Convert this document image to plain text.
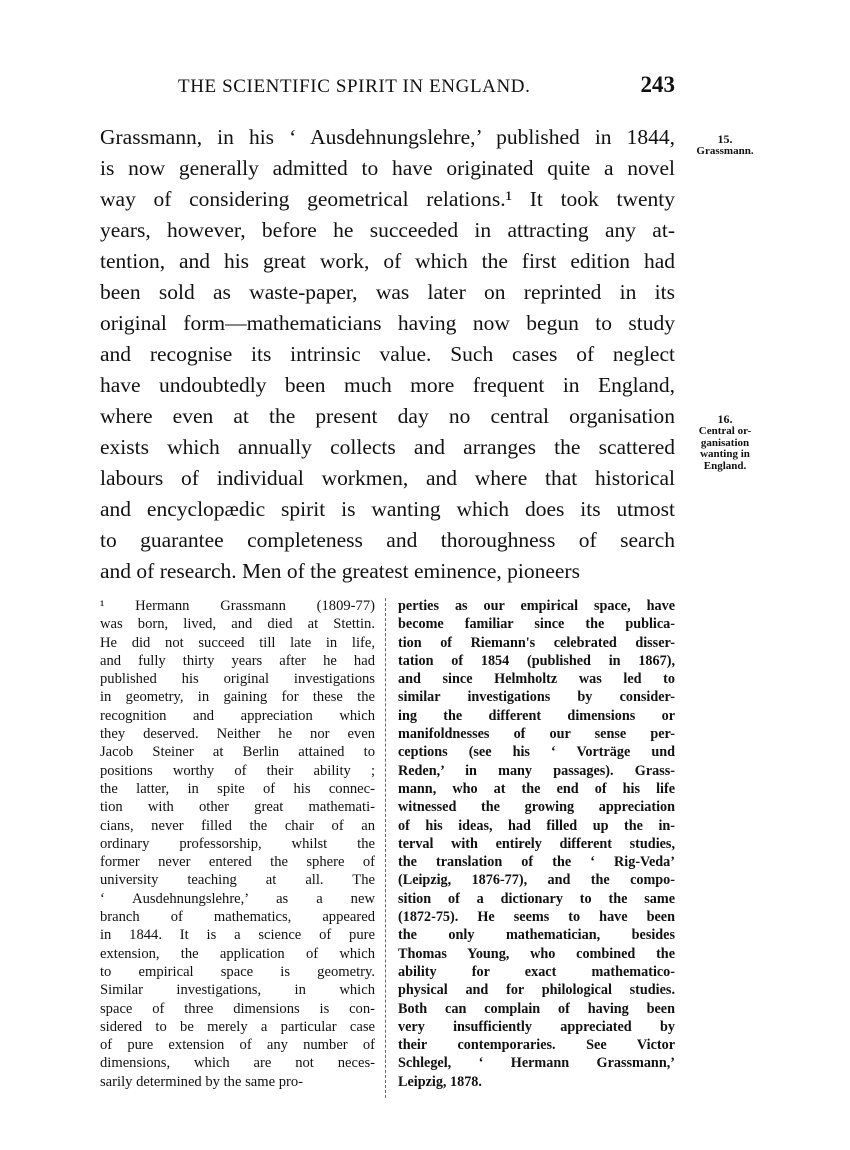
THE SCIENTIFIC SPIRIT IN ENGLAND.	243
Grassmann, in his ‘ Ausdehnungslehre,’ published in 1844,
is now generally admitted to have originated quite a novel
way of considering geometrical relations.¹ It took twenty
years, however, before he succeeded in attracting any at-
tention, and his great work, of which the first edition had
been sold as waste-paper, was later on reprinted in its
original form—mathematicians having now begun to study
and recognise its intrinsic value. Such cases of neglect
have undoubtedly been much more frequent in England,
where even at the present day no central organisation
exists which annually collects and arranges the scattered
labours of individual workmen, and where that historical
and encyclopædic spirit is wanting which does its utmost
to guarantee completeness and thoroughness of search
and of research. Men of the greatest eminence, pioneers
15.
Grassmann.
16.
Central or-
ganisation
wanting in
England.
¹ Hermann Grassmann (1809-77)
was born, lived, and died at Stettin.
He did not succeed till late in life,
and fully thirty years after he had
published his original investigations
in geometry, in gaining for these the
recognition and appreciation which
they deserved. Neither he nor even
Jacob Steiner at Berlin attained to
positions worthy of their ability ;
the latter, in spite of his connec-
tion with other great mathemati-
cians, never filled the chair of an
ordinary professorship, whilst the
former never entered the sphere of
university teaching at all. The
‘ Ausdehnungslehre,’ as a new
branch of mathematics, appeared
in 1844. It is a science of pure
extension, the application of which
to empirical space is geometry.
Similar investigations, in which
space of three dimensions is con-
sidered to be merely a particular case
of pure extension of any number of
dimensions, which are not neces-
sarily determined by the same pro-
perties as our empirical space, have
become familiar since the publica-
tion of Riemann's celebrated disser-
tation of 1854 (published in 1867),
and since Helmholtz was led to
similar investigations by consider-
ing the different dimensions or
manifoldnesses of our sense per-
ceptions (see his ‘ Vorträge und
Reden,’ in many passages). Grass-
mann, who at the end of his life
witnessed the growing appreciation
of his ideas, had filled up the in-
terval with entirely different studies,
the translation of the ‘ Rig-Veda’
(Leipzig, 1876-77), and the compo-
sition of a dictionary to the same
(1872-75). He seems to have been
the only mathematician, besides
Thomas Young, who combined the
ability for exact mathematico-
physical and for philological studies.
Both can complain of having been
very insufficiently appreciated by
their contemporaries. See Victor
Schlegel, ‘ Hermann Grassmann,’
Leipzig, 1878.
